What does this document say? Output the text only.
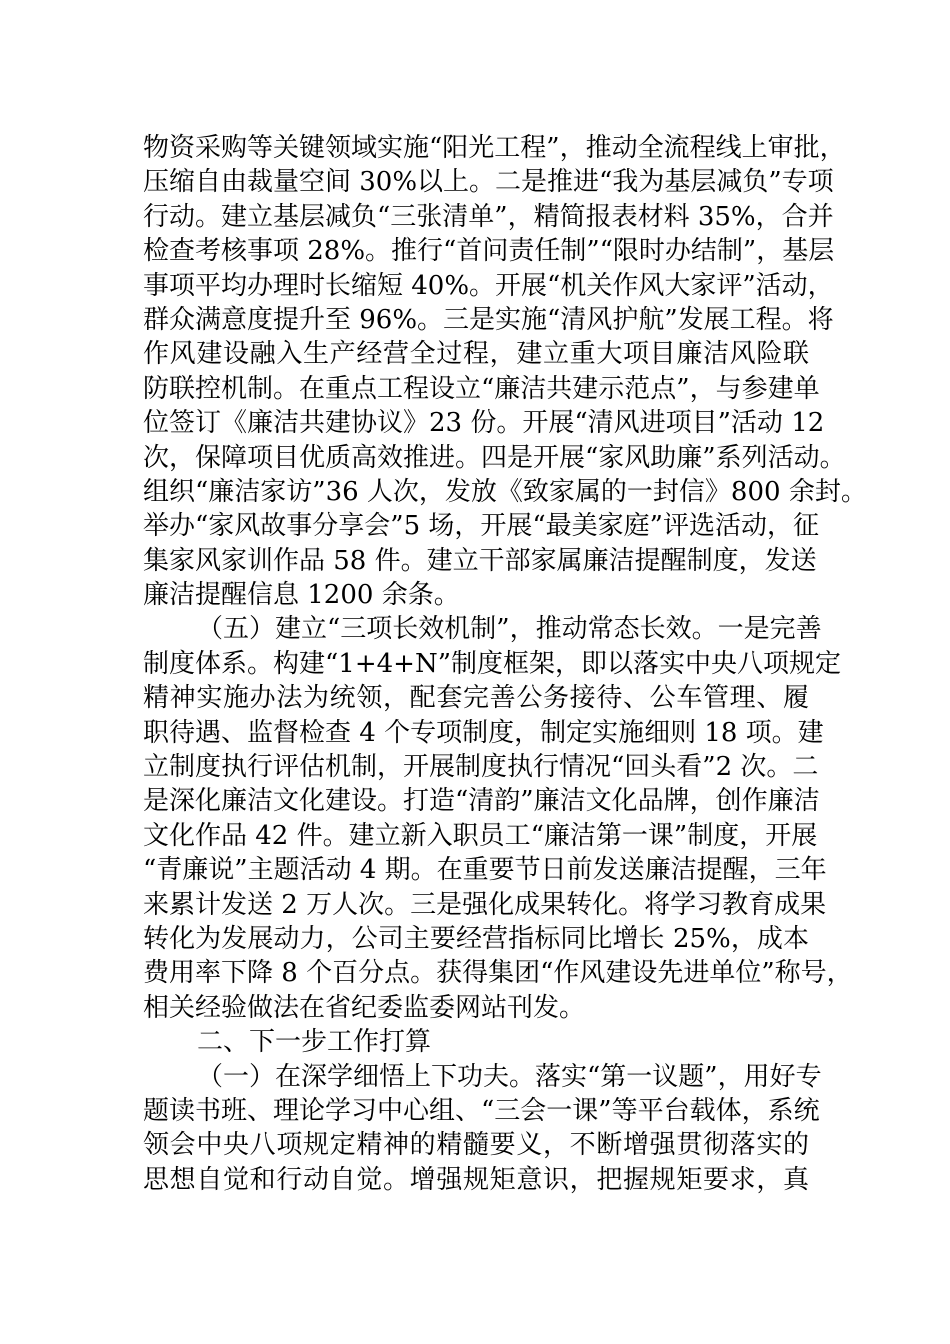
物资采购等关键领域实施“阳光工程”，推动全流程线上审批，
压缩自由裁量空间 30%以上。二是推进“我为基层减负”专项
行动。建立基层减负“三张清单”，精简报表材料 35%，合并
检查考核事项 28%。推行“首问责任制”“限时办结制”，基层
事项平均办理时长缩短 40%。开展“机关作风大家评”活动，
群众满意度提升至 96%。三是实施“清风护航”发展工程。将
作风建设融入生产经营全过程，建立重大项目廉洁风险联
防联控机制。在重点工程设立“廉洁共建示范点”，与参建单
位签订《廉洁共建协议》23 份。开展“清风进项目”活动 12
次，保障项目优质高效推进。四是开展“家风助廉”系列活动。
组织“廉洁家访”36 人次，发放《致家属的一封信》800 余封。
举办“家风故事分享会”5 场，开展“最美家庭”评选活动，征
集家风家训作品 58 件。建立干部家属廉洁提醒制度，发送
廉洁提醒信息 1200 余条。
（五）建立“三项长效机制”，推动常态长效。一是完善
制度体系。构建“1+4+N”制度框架，即以落实中央八项规定
精神实施办法为统领，配套完善公务接待、公车管理、履
职待遇、监督检查 4 个专项制度，制定实施细则 18 项。建
立制度执行评估机制，开展制度执行情况“回头看”2 次。二
是深化廉洁文化建设。打造“清韵”廉洁文化品牌，创作廉洁
文化作品 42 件。建立新入职员工“廉洁第一课”制度，开展
“青廉说”主题活动 4 期。在重要节日前发送廉洁提醒，三年
来累计发送 2 万人次。三是强化成果转化。将学习教育成果
转化为发展动力，公司主要经营指标同比增长 25%，成本
费用率下降 8 个百分点。获得集团“作风建设先进单位”称号，
相关经验做法在省纪委监委网站刊发。
二、下一步工作打算
（一）在深学细悟上下功夫。落实“第一议题”，用好专
题读书班、理论学习中心组、“三会一课”等平台载体，系统
领会中央八项规定精神的精髓要义，不断增强贯彻落实的
思想自觉和行动自觉。增强规矩意识，把握规矩要求，真
